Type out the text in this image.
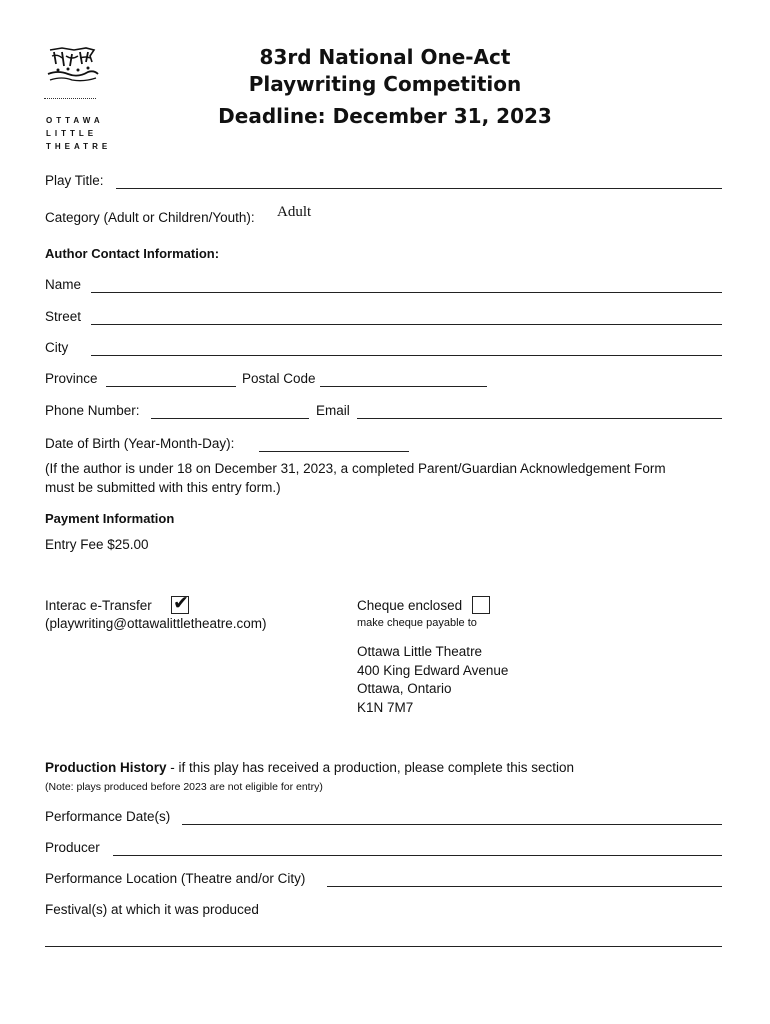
OTTAWA
LITTLE
THEATRE
83rd National One-Act
Playwriting Competition
Deadline: December 31, 2023
Play Title:
Category (Adult or Children/Youth): Adult
Author Contact Information:
Name
Street
City
Province	Postal Code
Phone Number:	Email
Date of Birth (Year-Month-Day):
(If the author is under 18 on December 31, 2023, a completed Parent/Guardian Acknowledgement Form
must be submitted with this entry form.)
Payment Information
Entry Fee $25.00
Interac e-Transfer ✔
(playwriting@ottawalittletheatre.com)
Cheque enclosed
make cheque payable to
Ottawa Little Theatre
400 King Edward Avenue
Ottawa, Ontario
K1N 7M7
Production History - if this play has received a production, please complete this section
(Note: plays produced before 2023 are not eligible for entry)
Performance Date(s)
Producer
Performance Location (Theatre and/or City)
Festival(s) at which it was produced
